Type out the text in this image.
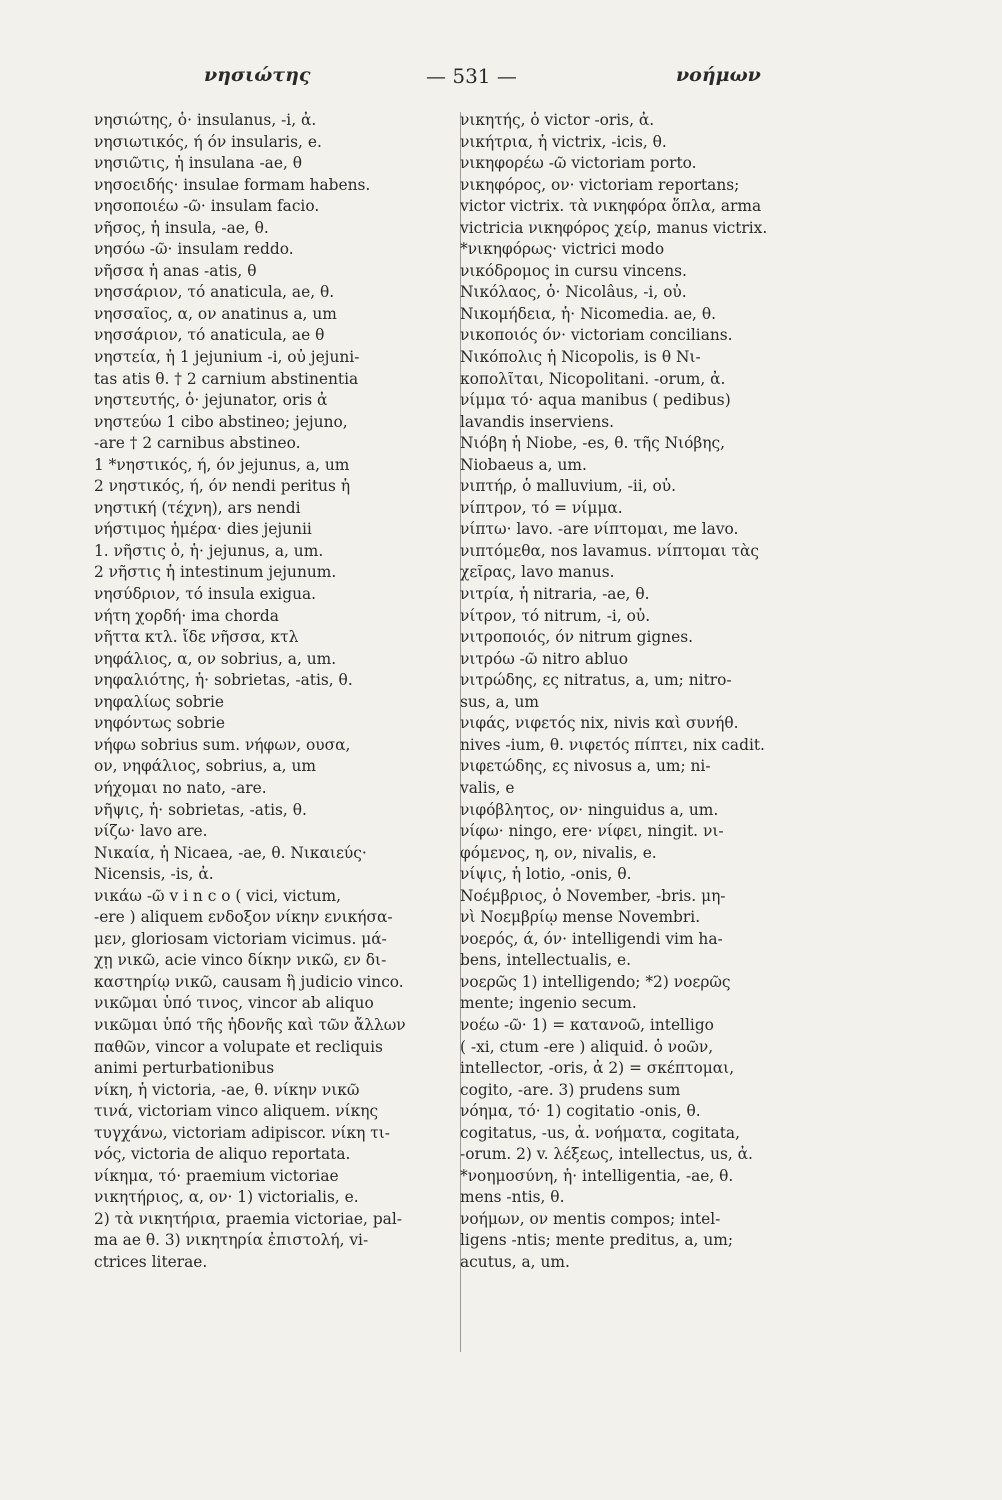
νησιώτης	— 531 —	νοήμων
νησιώτης, ὁ· insulanus, -i, ἀ.
νησιωτικός, ή όν insularis, e.
νησιῶτις, ἡ insulana -ae, θ
νησοειδής· insulae formam habens.
νησοποιέω -ῶ· insulam facio.
νῆσος, ἡ insula, -ae, θ.
νησόω -ῶ· insulam reddo.
νῆσσα ἡ anas -atis, θ
νησσάριον, τό anaticula, ae, θ.
νησσαῖος, α, ον anatinus a, um
νησσάριον, τό anaticula, ae θ
νηστεία, ἡ 1 jejunium -i, οὐ jejuni-
tas atis θ. † 2 carnium abstinentia
νηστευτής, ὁ· jejunator, oris ἀ
νηστεύω 1 cibo abstineo; jejuno,
-are † 2 carnibus abstineo.
1 *νηστικός, ή, όν jejunus, a, um
2 νηστικός, ή, όν nendi peritus ἡ
νηστική (τέχνη), ars nendi
νήστιμος ἡμέρα· dies jejunii
1. νῆστις ὁ, ἡ· jejunus, a, um.
2 νῆστις ἡ intestinum jejunum.
νησύδριον, τό insula exigua.
νήτη χορδή· ima chorda
νῆττα κτλ. ἴδε νῆσσα, κτλ
νηφάλιος, α, ον sobrius, a, um.
νηφαλιότης, ἡ· sobrietas, -atis, θ.
νηφαλίως sobrie
νηφόντως sobrie
νήφω sobrius sum. νήφων, ουσα,
ον, νηφάλιος, sobrius, a, um
νήχομαι no nato, -are.
νῆψις, ἡ· sobrietas, -atis, θ.
νίζω· lavo are.
Νικαία, ἡ Nicaea, -ae, θ. Νικαιεύς·
Nicensis, -is, ἀ.
νικάω -ῶ v i n c o ( vici, victum,
-ere ) aliquem ενδοξον νίκην ενικήσα-
μεν, gloriosam victoriam vicimus. μά-
χῃ νικῶ, acie vinco δίκην νικῶ, εν δι-
καστηρίῳ νικῶ, causam ἢ judicio vinco.
νικῶμαι ὑπό τινος, vincor ab aliquo
νικῶμαι ὑπό τῆς ἡδονῆς καὶ τῶν ἄλλων
παθῶν, vincor a volupate et recliquis
animi perturbationibus
νίκη, ἡ victoria, -ae, θ. νίκην νικῶ
τινά, victoriam vinco aliquem. νίκης
τυγχάνω, victoriam adipiscor. νίκη τι-
νός, victoria de aliquo reportata.
νίκημα, τό· praemium victoriae
νικητήριος, α, ον· 1) victorialis, e.
2) τὰ νικητήρια, praemia victoriae, pal-
ma ae θ. 3) νικητηρία ἐπιστολή, vi-
ctrices literae.
νικητής, ὁ victor -oris, ἀ.
νικήτρια, ἡ victrix, -icis, θ.
νικηφορέω -ῶ victoriam porto.
νικηφόρος, ον· victoriam reportans;
victor victrix. τὰ νικηφόρα ὅπλα, arma
victricia νικηφόρος χείρ, manus victrix.
*νικηφόρως· victrici modo
νικόδρομος in cursu vincens.
Νικόλαος, ὁ· Nicolâus, -i, οὐ.
Νικομήδεια, ἡ· Nicomedia. ae, θ.
νικοποιός όν· victoriam concilians.
Νικόπολις ἡ Nicopolis, is θ Νι-
κοπολῖται, Nicopolitani. -orum, ἀ.
νίμμα τό· aqua manibus ( pedibus)
lavandis inserviens.
Νιόβη ἡ Niobe, -es, θ. τῆς Νιόβης,
Niobaeus a, um.
νιπτήρ, ὁ malluvium, -ii, οὐ.
νίπτρον, τό = νίμμα.
νίπτω· lavo. -are νίπτομαι, me lavo.
νιπτόμεθα, nos lavamus. νίπτομαι τὰς
χεῖρας, lavo manus.
νιτρία, ἡ nitraria, -ae, θ.
νίτρον, τό nitrum, -i, οὐ.
νιτροποιός, όν nitrum gignes.
νιτρόω -ῶ nitro abluo
νιτρώδης, ες nitratus, a, um; nitro-
sus, a, um
νιφάς, νιφετός nix, nivis καὶ συνήθ.
nives -ium, θ. νιφετός πίπτει, nix cadit.
νιφετώδης, ες nivosus a, um; ni-
valis, e
νιφόβλητος, ον· ninguidus a, um.
νίφω· ningo, ere· νίφει, ningit. νι-
φόμενος, η, ον, nivalis, e.
νίψις, ἡ lotio, -onis, θ.
Νοέμβριος, ὁ November, -bris. μη-
νὶ Νοεμβρίῳ mense Novembri.
νοερός, ά, όν· intelligendi vim ha-
bens, intellectualis, e.
νοερῶς 1) intelligendo; *2) νοερῶς
mente; ingenio secum.
νοέω -ῶ· 1) = κατανοῶ, intelligo
( -xi, ctum -ere ) aliquid. ὁ νοῶν,
intellector, -oris, ἀ 2) = σκέπτομαι,
cogito, -are. 3) prudens sum
νόημα, τό· 1) cogitatio -onis, θ.
cogitatus, -us, ἀ. νοήματα, cogitata,
-orum. 2) v. λέξεως, intellectus, us, ἀ.
*νοημοσύνη, ἡ· intelligentia, -ae, θ.
mens -ntis, θ.
νοήμων, ον mentis compos; intel-
ligens -ntis; mente preditus, a, um;
acutus, a, um.
